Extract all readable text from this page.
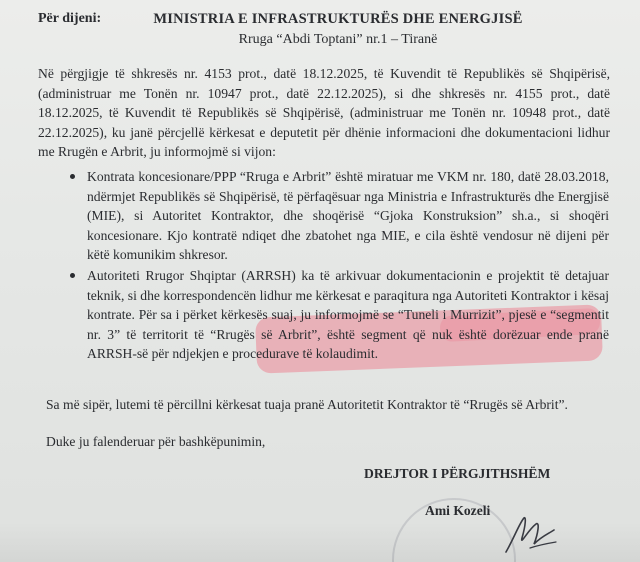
Për dijeni:	MINISTRIA E INFRASTRUKTURËS DHE ENERGJISË
Rruga “Abdi Toptani” nr.1 – Tiranë
Në përgjigje të shkresës nr. 4153 prot., datë 18.12.2025, të Kuvendit të Republikës së Shqipërisë, (administruar me Tonën nr. 10947 prot., datë 22.12.2025), si dhe shkresës nr. 4155 prot., datë 18.12.2025, të Kuvendit të Republikës së Shqipërisë, (administruar me Tonën nr. 10948 prot., datë 22.12.2025), ku janë përcjellë kërkesat e deputetit për dhënie informacioni dhe dokumentacioni lidhur me Rrugën e Arbrit, ju informojmë si vijon:
Kontrata koncesionare/PPP “Rruga e Arbrit” është miratuar me VKM nr. 180, datë 28.03.2018, ndërmjet Republikës së Shqipërisë, të përfaqësuar nga Ministria e Infrastrukturës dhe Energjisë (MIE), si Autoritet Kontraktor, dhe shoqërisë “Gjoka Konstruksion” sh.a., si shoqëri koncesionare. Kjo kontratë ndiqet dhe zbatohet nga MIE, e cila është vendosur në dijeni për këtë komunikim shkresor.
Autoriteti Rrugor Shqiptar (ARRSH) ka të arkivuar dokumentacionin e projektit të detajuar teknik, si dhe korrespondencën lidhur me kërkesat e paraqitura nga Autoriteti Kontraktor i kësaj kontrate. Për sa i përket kërkesës suaj, ju informojmë se “Tuneli i Murrizit”, pjesë e “segmentit nr. 3” të territorit të “Rrugës së Arbrit”, është segment që nuk është dorëzuar ende pranë ARRSH-së për ndjekjen e procedurave të kolaudimit.
Sa më sipër, lutemi të përcillni kërkesat tuaja pranë Autoritetit Kontraktor të “Rrugës së Arbrit”.
Duke ju falenderuar për bashkëpunimin,
DREJTOR I PËRGJITHSHËM
Ami Kozeli
